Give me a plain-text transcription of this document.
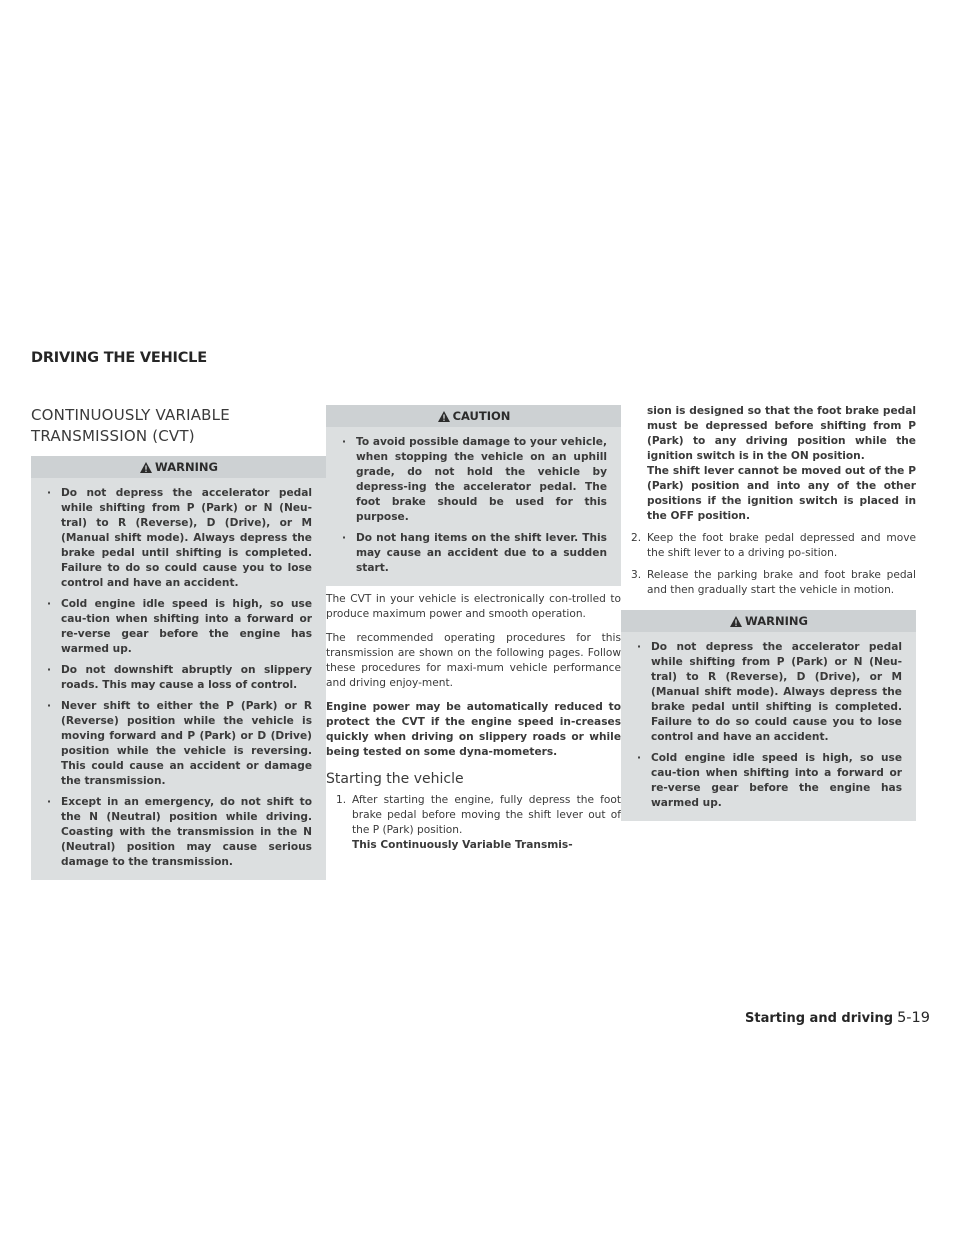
DRIVING THE VEHICLE
CONTINUOUSLY VARIABLE
TRANSMISSION (CVT)
WARNING
· Do not depress the accelerator pedal while shifting from P (Park) or N (Neu-tral) to R (Reverse), D (Drive), or M (Manual shift mode). Always depress the brake pedal until shifting is completed. Failure to do so could cause you to lose control and have an accident.
· Cold engine idle speed is high, so use cau-tion when shifting into a forward or re-verse gear before the engine has warmed up.
· Do not downshift abruptly on slippery roads. This may cause a loss of control.
· Never shift to either the P (Park) or R (Reverse) position while the vehicle is moving forward and P (Park) or D (Drive) position while the vehicle is reversing. This could cause an accident or damage the transmission.
· Except in an emergency, do not shift to the N (Neutral) position while driving. Coasting with the transmission in the N (Neutral) position may cause serious damage to the transmission.
CAUTION
· To avoid possible damage to your vehicle, when stopping the vehicle on an uphill grade, do not hold the vehicle by depress-ing the accelerator pedal. The foot brake should be used for this purpose.
· Do not hang items on the shift lever. This may cause an accident due to a sudden start.

The CVT in your vehicle is electronically con-trolled to produce maximum power and smooth operation.

The recommended operating procedures for this transmission are shown on the following pages. Follow these procedures for maxi-mum vehicle performance and driving enjoy-ment.

Engine power may be automatically reduced to protect the CVT if the engine speed in-creases quickly when driving on slippery roads or while being tested on some dyna-mometers.

Starting the vehicle
1. After starting the engine, fully depress the foot brake pedal before moving the shift lever out of the P (Park) position.
This Continuously Variable Transmis-
sion is designed so that the foot brake pedal must be depressed before shifting from P (Park) to any driving position while the ignition switch is in the ON position.
The shift lever cannot be moved out of the P (Park) position and into any of the other positions if the ignition switch is placed in the OFF position.
2. Keep the foot brake pedal depressed and move the shift lever to a driving po-sition.
3. Release the parking brake and foot brake pedal and then gradually start the vehicle in motion.
WARNING
· Do not depress the accelerator pedal while shifting from P (Park) or N (Neu-tral) to R (Reverse), D (Drive), or M (Manual shift mode). Always depress the brake pedal until shifting is completed. Failure to do so could cause you to lose control and have an accident.
· Cold engine idle speed is high, so use cau-tion when shifting into a forward or re-verse gear before the engine has warmed up.
Starting and driving 5-19
